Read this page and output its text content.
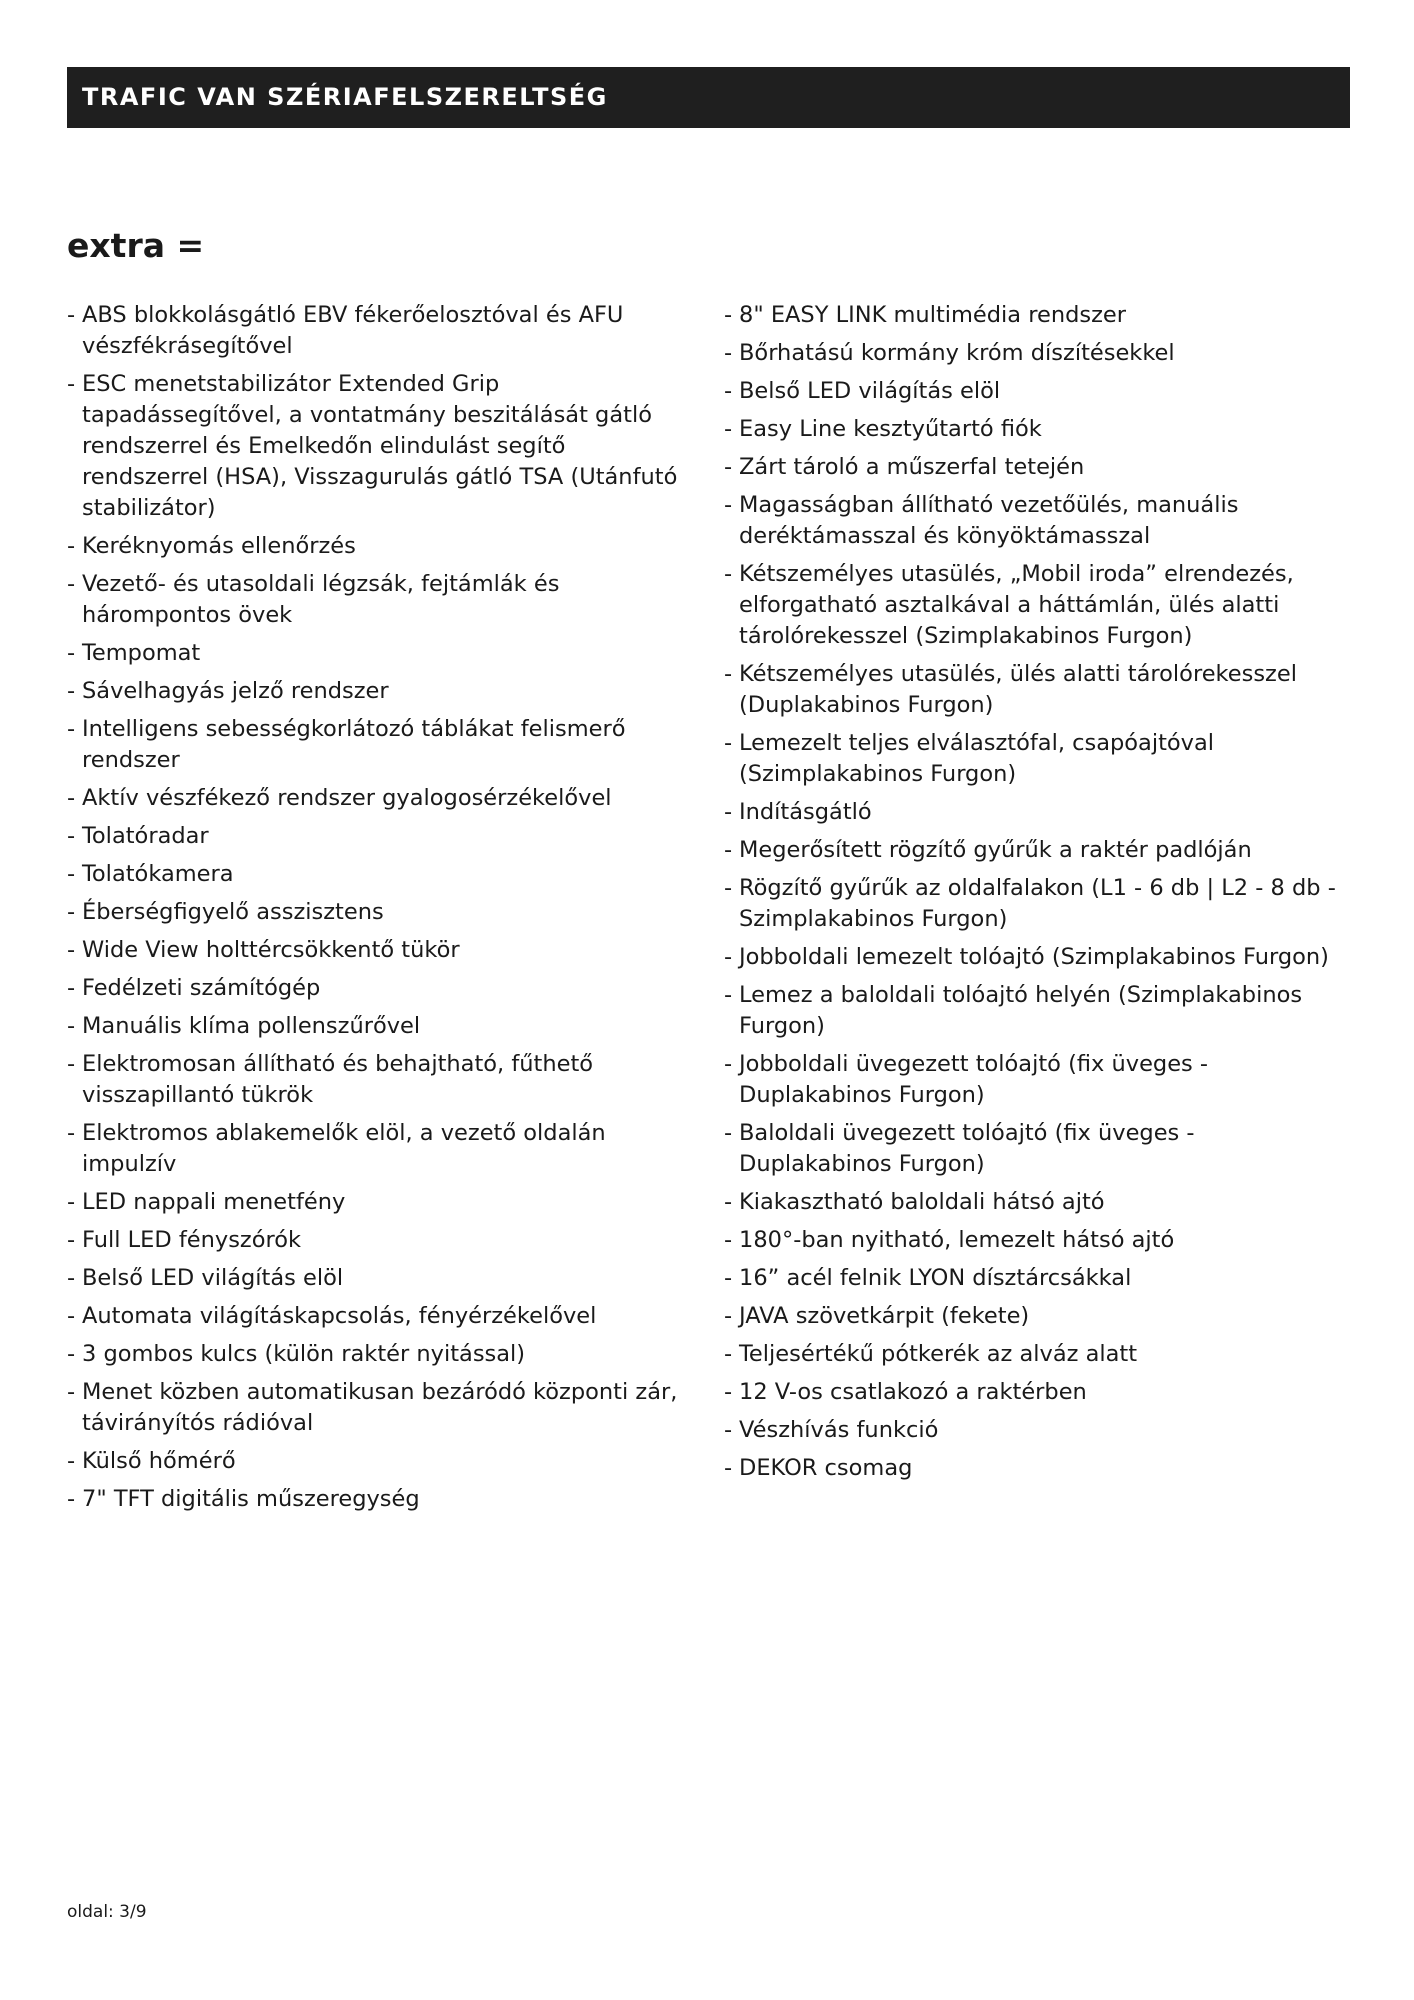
TRAFIC VAN SZÉRIAFELSZERELTSÉG
extra =
- ABS blokkolásgátló EBV fékerőelosztóval és AFU vészfékrásegítővel
- ESC menetstabilizátor Extended Grip tapadássegítővel, a vontatmány beszitálását gátló rendszerrel és Emelkedőn elindulást segítő rendszerrel (HSA), Visszagurulás gátló TSA (Utánfutó stabilizátor)
- Keréknyomás ellenőrzés
- Vezető- és utasoldali légzsák, fejtámlák és hárompontos övek
- Tempomat
- Sávelhagyás jelző rendszer
- Intelligens sebességkorlátozó táblákat felismerő rendszer
- Aktív vészfékező rendszer gyalogosérzékelővel
- Tolatóradar
- Tolatókamera
- Éberségfigyelő asszisztens
- Wide View holttércsökkentő tükör
- Fedélzeti számítógép
- Manuális klíma pollenszűrővel
- Elektromosan állítható és behajtható, fűthető visszapillantó tükrök
- Elektromos ablakemelők elöl, a vezető oldalán impulzív
- LED nappali menetfény
- Full LED fényszórók
- Belső LED világítás elöl
- Automata világításkapcsolás, fényérzékelővel
- 3 gombos kulcs (külön raktér nyitással)
- Menet közben automatikusan bezáródó központi zár, távirányítós rádióval
- Külső hőmérő
- 7" TFT digitális műszeregység
- 8" EASY LINK multimédia rendszer
- Bőrhatású kormány króm díszítésekkel
- Belső LED világítás elöl
- Easy Line kesztyűtartó fiók
- Zárt tároló a műszerfal tetején
- Magasságban állítható vezetőülés, manuális deréktámasszal és könyöktámasszal
- Kétszemélyes utasülés, „Mobil iroda” elrendezés, elforgatható asztalkával a háttámlán, ülés alatti tárolórekesszel (Szimplakabinos Furgon)
- Kétszemélyes utasülés, ülés alatti tárolórekesszel (Duplakabinos Furgon)
- Lemezelt teljes elválasztófal, csapóajtóval (Szimplakabinos Furgon)
- Indításgátló
- Megerősített rögzítő gyűrűk a raktér padlóján
- Rögzítő gyűrűk az oldalfalakon (L1 - 6 db | L2 - 8 db - Szimplakabinos Furgon)
- Jobboldali lemezelt tolóajtó (Szimplakabinos Furgon)
- Lemez a baloldali tolóajtó helyén (Szimplakabinos Furgon)
- Jobboldali üvegezett tolóajtó (fix üveges - Duplakabinos Furgon)
- Baloldali üvegezett tolóajtó (fix üveges - Duplakabinos Furgon)
- Kiakasztható baloldali hátsó ajtó
- 180°-ban nyitható, lemezelt hátsó ajtó
- 16” acél felnik LYON dísztárcsákkal
- JAVA szövetkárpit (fekete)
- Teljesértékű pótkerék az alváz alatt
- 12 V-os csatlakozó a raktérben
- Vészhívás funkció
- DEKOR csomag
oldal: 3/9
